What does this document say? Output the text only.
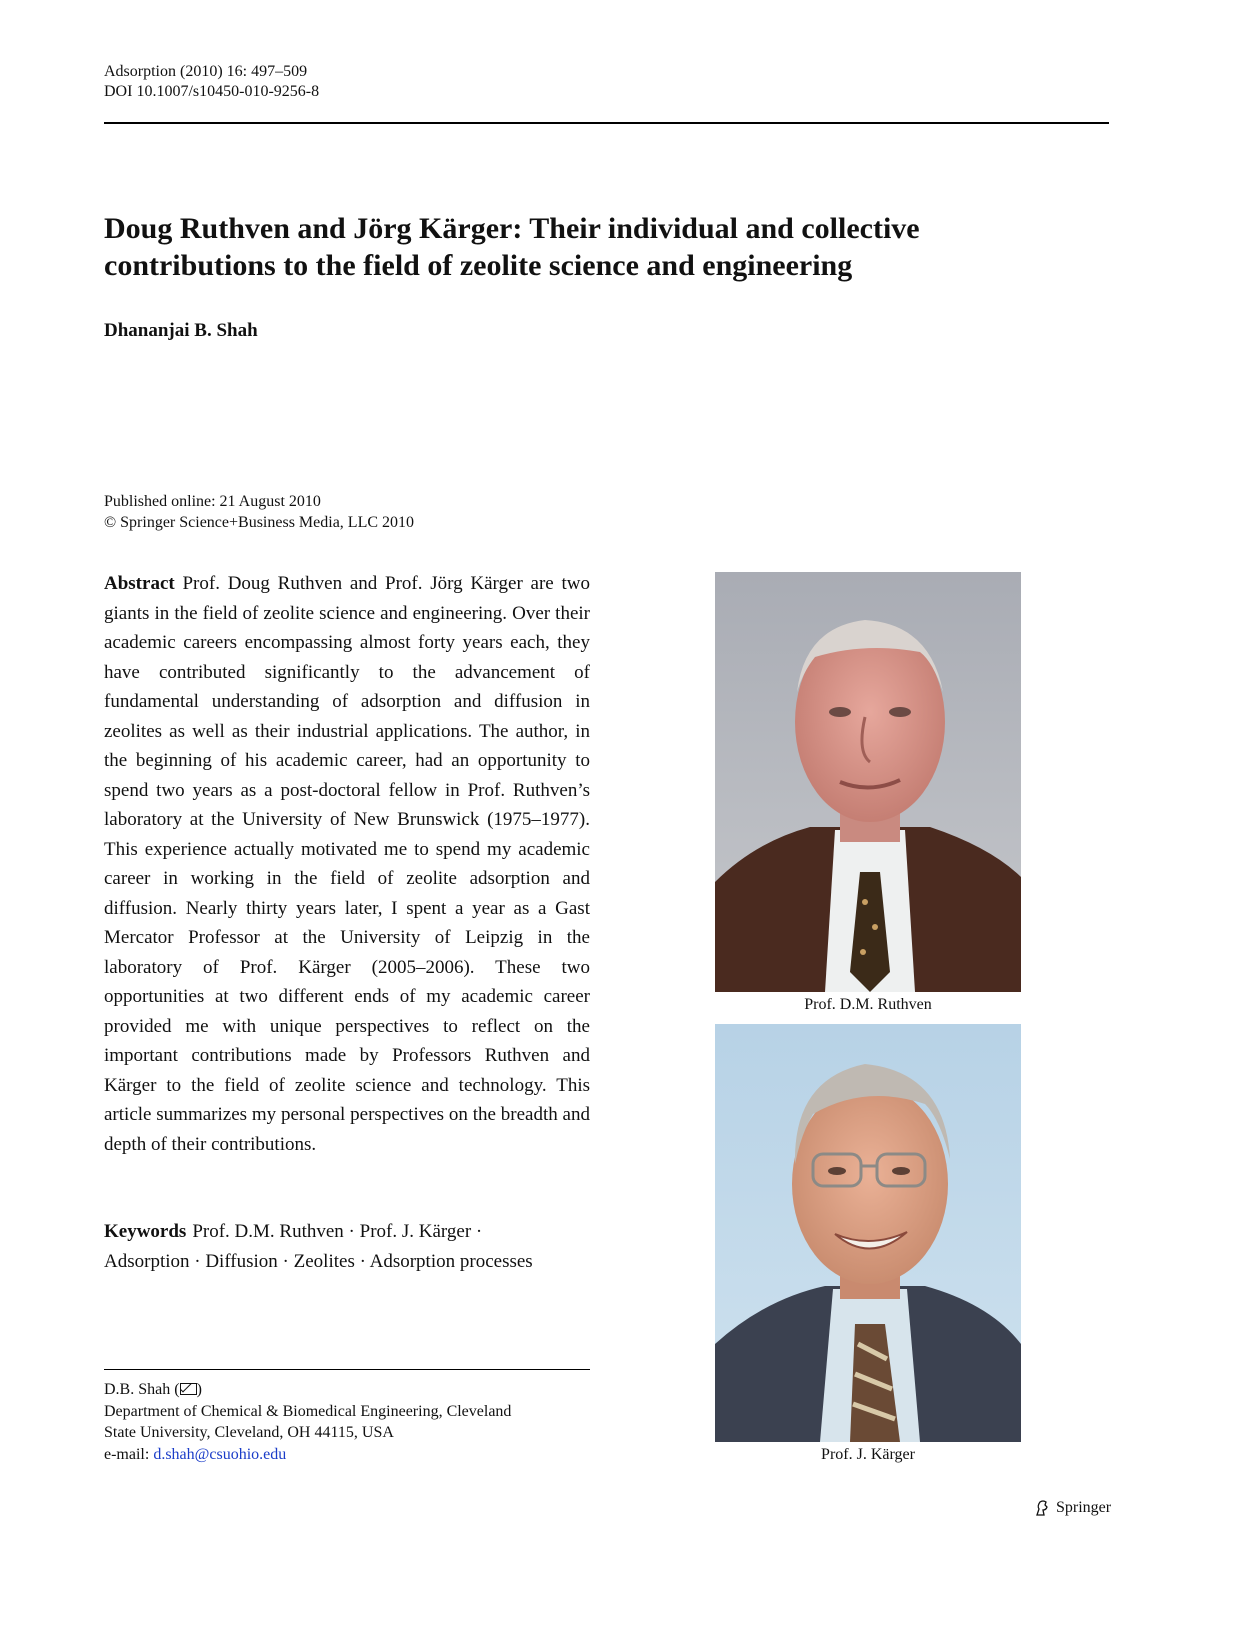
Adsorption (2010) 16: 497–509
DOI 10.1007/s10450-010-9256-8
Doug Ruthven and Jörg Kärger: Their individual and collective
contributions to the field of zeolite science and engineering
Dhananjai B. Shah
Published online: 21 August 2010
© Springer Science+Business Media, LLC 2010
Abstract Prof. Doug Ruthven and Prof. Jörg Kärger are two giants in the field of zeolite science and engineering. Over their academic careers encompassing almost forty years each, they have contributed significantly to the advancement of fundamental understanding of adsorption and diffusion in zeolites as well as their industrial applications. The author, in the beginning of his academic career, had an opportunity to spend two years as a post-doctoral fellow in Prof. Ruthven’s laboratory at the University of New Brunswick (1975–1977). This experience actually motivated me to spend my academic career in working in the field of zeolite adsorption and diffusion. Nearly thirty years later, I spent a year as a Gast Mercator Professor at the University of Leipzig in the laboratory of Prof. Kärger (2005–2006). These two opportunities at two different ends of my academic career provided me with unique perspectives to reflect on the important contributions made by Professors Ruthven and Kärger to the field of zeolite science and technology. This article summarizes my personal perspectives on the breadth and depth of their contributions.
Keywords Prof. D.M. Ruthven · Prof. J. Kärger ·
Adsorption · Diffusion · Zeolites · Adsorption processes
D.B. Shah ( )
Department of Chemical & Biomedical Engineering, Cleveland
State University, Cleveland, OH 44115, USA
e-mail: d.shah@csuohio.edu
Prof. D.M. Ruthven
Prof. J. Kärger
Springer
